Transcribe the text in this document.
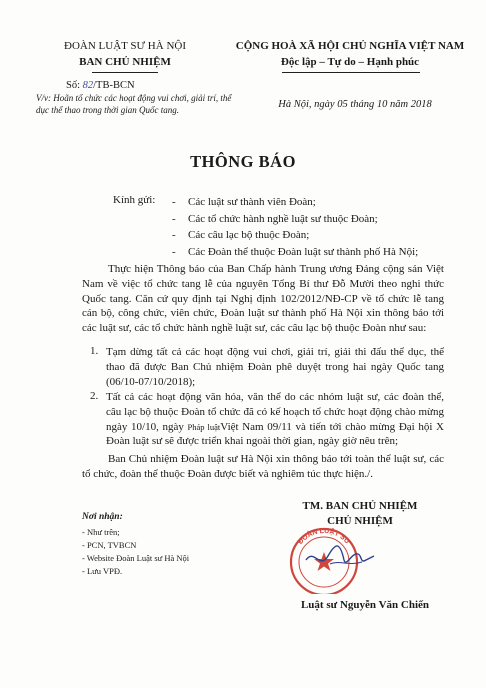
ĐOÀN LUẬT SƯ HÀ NỘI
BAN CHỦ NHIỆM
Số: 82/TB-BCN
V/v: Hoãn tổ chức các hoạt động vui chơi, giải trí, thể dục thể thao trong thời gian Quốc tang.
CỘNG HOÀ XÃ HỘI CHỦ NGHĨA VIỆT NAM
Độc lập – Tự do – Hạnh phúc
Hà Nội, ngày 05 tháng 10 năm 2018
THÔNG BÁO
Kính gửi: - Các luật sư thành viên Đoàn;
- Các tổ chức hành nghề luật sư thuộc Đoàn;
- Các câu lạc bộ thuộc Đoàn;
- Các Đoàn thể thuộc Đoàn luật sư thành phố Hà Nội;
Thực hiện Thông báo của Ban Chấp hành Trung ương Đảng cộng sản Việt Nam về việc tổ chức tang lễ của nguyên Tổng Bí thư Đỗ Mười theo nghi thức Quốc tang. Căn cứ quy định tại Nghị định 102/2012/NĐ-CP về tổ chức lễ tang cán bộ, công chức, viên chức, Đoàn luật sư thành phố Hà Nội xin thông báo tới các luật sư, các tổ chức hành nghề luật sư, các câu lạc bộ thuộc Đoàn như sau:
1. Tạm dừng tất cả các hoạt động vui chơi, giải trí, giải thi đấu thể dục, thể thao đã được Ban Chủ nhiệm Đoàn phê duyệt trong hai ngày Quốc tang (06/10-07/10/2018);
2. Tất cả các hoạt động văn hóa, văn thể do các nhóm luật sư, các đoàn thể, câu lạc bộ thuộc Đoàn tổ chức đã có kế hoạch tổ chức hoạt động chào mừng ngày 10/10, ngày Pháp luậtViệt Nam 09/11 và tiến tới chào mừng Đại hội X Đoàn luật sư sẽ được triển khai ngoài thời gian, ngày giờ nêu trên;
Ban Chủ nhiệm Đoàn luật sư Hà Nội xin thông báo tới toàn thể luật sư, các tổ chức, đoàn thể thuộc Đoàn được biết và nghiêm túc thực hiện./.
Nơi nhận:
- Như trên;
- PCN, TVBCN
- Website Đoàn Luật sư Hà Nội
- Lưu VPĐ.
TM. BAN CHỦ NHIỆM
CHỦ NHIỆM
ĐOÀN LUẬT SƯ
Luật sư Nguyễn Văn Chiến
